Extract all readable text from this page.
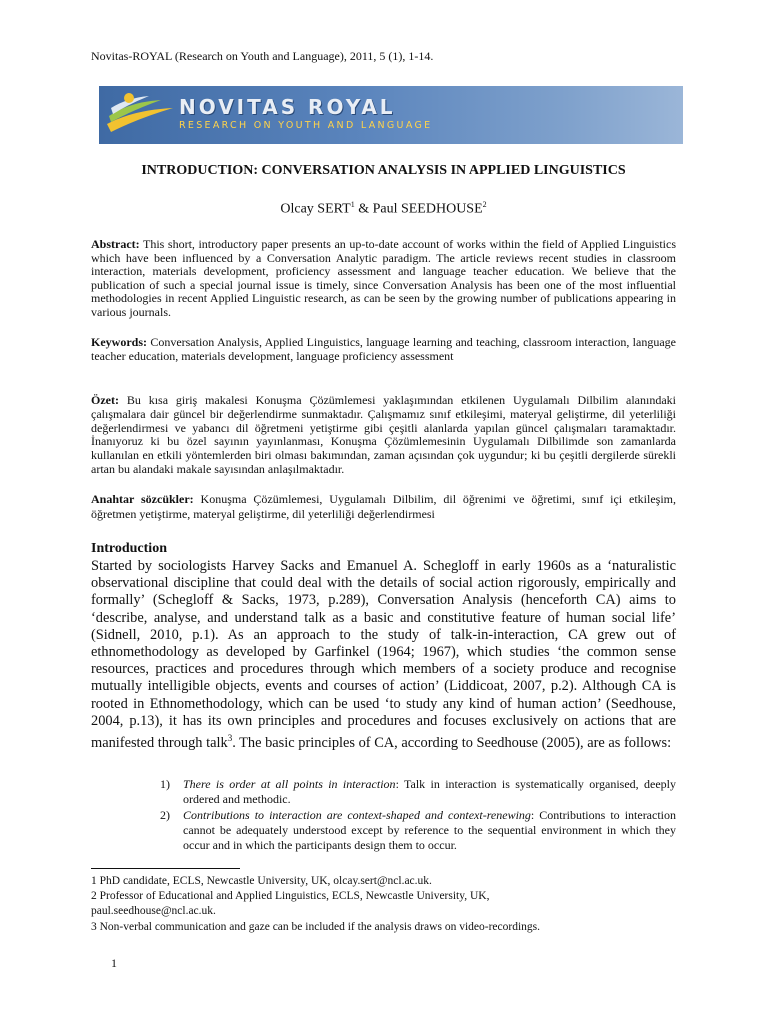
Novitas-ROYAL (Research on Youth and Language), 2011, 5 (1), 1-14.
NOVITAS ROYAL
RESEARCH ON YOUTH AND LANGUAGE
INTRODUCTION: CONVERSATION ANALYSIS IN APPLIED LINGUISTICS
Olcay SERT$^1$ & Paul SEEDHOUSE$^2$
Abstract: This short, introductory paper presents an up-to-date account of works within the field of Applied Linguistics which have been influenced by a Conversation Analytic paradigm. The article reviews recent studies in classroom interaction, materials development, proficiency assessment and language teacher education. We believe that the publication of such a special journal issue is timely, since Conversation Analysis has been one of the most influential methodologies in recent Applied Linguistic research, as can be seen by the growing number of publications appearing in various journals.
Keywords: Conversation Analysis, Applied Linguistics, language learning and teaching, classroom interaction, language teacher education, materials development, language proficiency assessment
Özet: Bu kısa giriş makalesi Konuşma Çözümlemesi yaklaşımından etkilenen Uygulamalı Dilbilim alanındaki çalışmalara dair güncel bir değerlendirme sunmaktadır. Çalışmamız sınıf etkileşimi, materyal geliştirme, dil yeterliliği değerlendirmesi ve yabancı dil öğretmeni yetiştirme gibi çeşitli alanlarda yapılan güncel çalışmaları taramaktadır. İnanıyoruz ki bu özel sayının yayınlanması, Konuşma Çözümlemesinin Uygulamalı Dilbilimde son zamanlarda kullanılan en etkili yöntemlerden biri olması bakımından, zaman açısından çok uygundur; ki bu çeşitli dergilerde sürekli artan bu alandaki makale sayısından anlaşılmaktadır.
Anahtar sözcükler: Konuşma Çözümlemesi, Uygulamalı Dilbilim, dil öğrenimi ve öğretimi, sınıf içi etkileşim, öğretmen yetiştirme, materyal geliştirme, dil yeterliliği değerlendirmesi
Introduction
Started by sociologists Harvey Sacks and Emanuel A. Schegloff in early 1960s as a ‘naturalistic observational discipline that could deal with the details of social action rigorously, empirically and formally’ (Schegloff & Sacks, 1973, p.289), Conversation Analysis (henceforth CA) aims to ‘describe, analyse, and understand talk as a basic and constitutive feature of human social life’ (Sidnell, 2010, p.1). As an approach to the study of talk-in-interaction, CA grew out of ethnomethodology as developed by Garfinkel (1964; 1967), which studies ‘the common sense resources, practices and procedures through which members of a society produce and recognise mutually intelligible objects, events and courses of action’ (Liddicoat, 2007, p.2). Although CA is rooted in Ethnomethodology, which can be used ‘to study any kind of human action’ (Seedhouse, 2004, p.13), it has its own principles and procedures and focuses exclusively on actions that are manifested through talk$^3$. The basic principles of CA, according to Seedhouse (2005), are as follows:
1) There is order at all points in interaction: Talk in interaction is systematically organised, deeply ordered and methodic.
2) Contributions to interaction are context-shaped and context-renewing: Contributions to interaction cannot be adequately understood except by reference to the sequential environment in which they occur and in which the participants design them to occur.
1 PhD candidate, ECLS, Newcastle University, UK, olcay.sert@ncl.ac.uk.
2 Professor of Educational and Applied Linguistics, ECLS, Newcastle University, UK,
paul.seedhouse@ncl.ac.uk.
3 Non-verbal communication and gaze can be included if the analysis draws on video-recordings.
1
